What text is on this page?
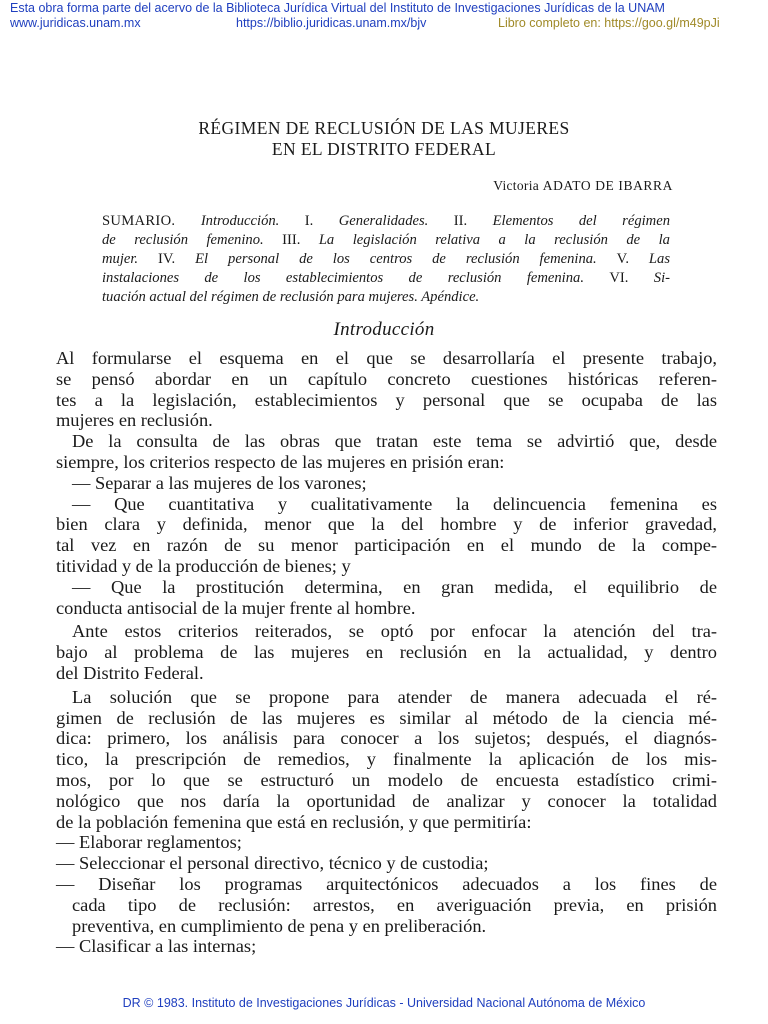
Esta obra forma parte del acervo de la Biblioteca Jurídica Virtual del Instituto de Investigaciones Jurídicas de la UNAM
www.juridicas.unam.mx	https://biblio.juridicas.unam.mx/bjv	Libro completo en: https://goo.gl/m49pJi
RÉGIMEN DE RECLUSIÓN DE LAS MUJERES
EN EL DISTRITO FEDERAL
Victoria ADATO DE IBARRA
SUMARIO. Introducción. I. Generalidades. II. Elementos del régimen
de reclusión femenino. III. La legislación relativa a la reclusión de la
mujer. IV. El personal de los centros de reclusión femenina. V. Las
instalaciones de los establecimientos de reclusión femenina. VI. Si-
tuación actual del régimen de reclusión para mujeres. Apéndice.
Introducción
Al formularse el esquema en el que se desarrollaría el presente trabajo,
se pensó abordar en un capítulo concreto cuestiones históricas referen-
tes a la legislación, establecimientos y personal que se ocupaba de las
mujeres en reclusión.
De la consulta de las obras que tratan este tema se advirtió que, desde
siempre, los criterios respecto de las mujeres en prisión eran:
— Separar a las mujeres de los varones;
— Que cuantitativa y cualitativamente la delincuencia femenina es
bien clara y definida, menor que la del hombre y de inferior gravedad,
tal vez en razón de su menor participación en el mundo de la compe-
titividad y de la producción de bienes; y
— Que la prostitución determina, en gran medida, el equilibrio de
conducta antisocial de la mujer frente al hombre.
Ante estos criterios reiterados, se optó por enfocar la atención del tra-
bajo al problema de las mujeres en reclusión en la actualidad, y dentro
del Distrito Federal.
La solución que se propone para atender de manera adecuada el ré-
gimen de reclusión de las mujeres es similar al método de la ciencia mé-
dica: primero, los análisis para conocer a los sujetos; después, el diagnós-
tico, la prescripción de remedios, y finalmente la aplicación de los mis-
mos, por lo que se estructuró un modelo de encuesta estadístico crimi-
nológico que nos daría la oportunidad de analizar y conocer la totalidad
de la población femenina que está en reclusión, y que permitiría:
— Elaborar reglamentos;
— Seleccionar el personal directivo, técnico y de custodia;
— Diseñar los programas arquitectónicos adecuados a los fines de
cada tipo de reclusión: arrestos, en averiguación previa, en prisión
preventiva, en cumplimiento de pena y en preliberación.
— Clasificar a las internas;
DR © 1983. Instituto de Investigaciones Jurídicas - Universidad Nacional Autónoma de México
